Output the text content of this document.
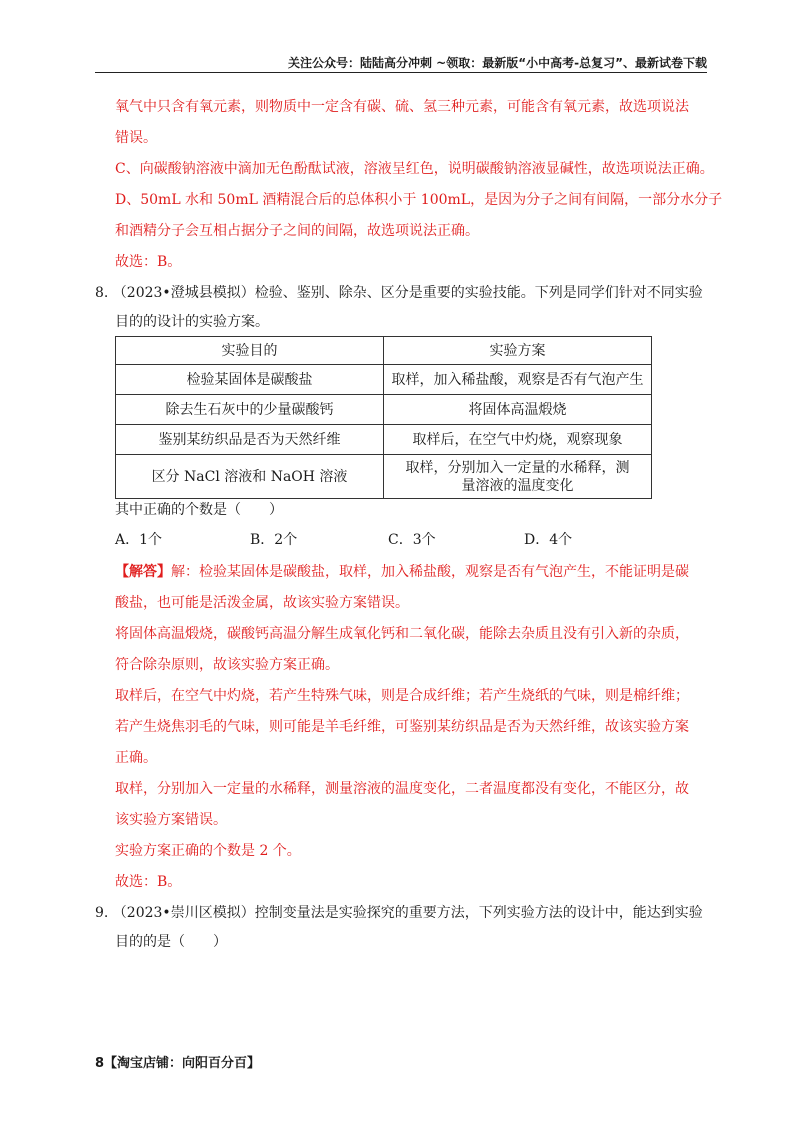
关注公众号：陆陆高分冲刺 ~领取：最新版“小中高考-总复习”、最新试卷下载
氧气中只含有氧元素，则物质中一定含有碳、硫、氢三种元素，可能含有氧元素，故选项说法
错误。
C、向碳酸钠溶液中滴加无色酚酞试液，溶液呈红色，说明碳酸钠溶液显碱性，故选项说法正确。
D、50mL 水和 50mL 酒精混合后的总体积小于 100mL，是因为分子之间有间隔，一部分水分子
和酒精分子会互相占据分子之间的间隔，故选项说法正确。
故选：B。
8. （2023•澄城县模拟）检验、鉴别、除杂、区分是重要的实验技能。下列是同学们针对不同实验
目的的设计的实验方案。
实验目的	实验方案
检验某固体是碳酸盐	取样，加入稀盐酸，观察是否有气泡产生
除去生石灰中的少量碳酸钙	将固体高温煅烧
鉴别某纺织品是否为天然纤维	取样后，在空气中灼烧，观察现象
区分 NaCl 溶液和 NaOH 溶液	取样，分别加入一定量的水稀释，测量溶液的温度变化
其中正确的个数是（　　）
A．1个	B．2个	C．3个	D．4个
【解答】解：检验某固体是碳酸盐，取样，加入稀盐酸，观察是否有气泡产生，不能证明是碳
酸盐，也可能是活泼金属，故该实验方案错误。
将固体高温煅烧，碳酸钙高温分解生成氧化钙和二氧化碳，能除去杂质且没有引入新的杂质，
符合除杂原则，故该实验方案正确。
取样后，在空气中灼烧，若产生特殊气味，则是合成纤维；若产生烧纸的气味，则是棉纤维；
若产生烧焦羽毛的气味，则可能是羊毛纤维，可鉴别某纺织品是否为天然纤维，故该实验方案
正确。
取样，分别加入一定量的水稀释，测量溶液的温度变化，二者温度都没有变化，不能区分，故
该实验方案错误。
实验方案正确的个数是 2 个。
故选：B。
9. （2023•崇川区模拟）控制变量法是实验探究的重要方法，下列实验方法的设计中，能达到实验
目的的是（　　）
8【淘宝店铺：向阳百分百】
